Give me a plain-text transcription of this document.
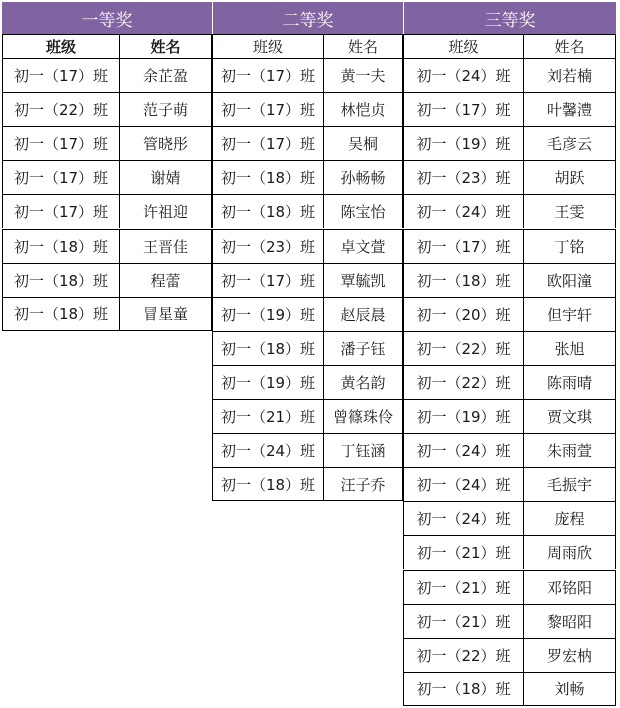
一等奖
班级	姓名
初一（17）班	余芷盈
初一（22）班	范子萌
初一（17）班	管晓彤
初一（17）班	谢婧
初一（17）班	许祖迎
初一（18）班	王晋佳
初一（18）班	程蕾
初一（18）班	冒星童
二等奖
班级	姓名
初一（17）班	黄一夫
初一（17）班	林恺贞
初一（17）班	吴桐
初一（18）班	孙畅畅
初一（18）班	陈宝怡
初一（23）班	卓文萱
初一（17）班	覃毓凯
初一（19）班	赵辰晨
初一（18）班	潘子钰
初一（19）班	黄名韵
初一（21）班	曾篠珠伶
初一（24）班	丁钰涵
初一（18）班	汪子乔
三等奖
班级	姓名
初一（24）班	刘若楠
初一（17）班	叶馨澧
初一（19）班	毛彦云
初一（23）班	胡跃
初一（24）班	王雯
初一（17）班	丁铭
初一（18）班	欧阳潼
初一（20）班	但宇轩
初一（22）班	张旭
初一（22）班	陈雨晴
初一（19）班	贾文琪
初一（24）班	朱雨萱
初一（24）班	毛振宇
初一（24）班	庞程
初一（21）班	周雨欣
初一（21）班	邓铭阳
初一（21）班	黎昭阳
初一（22）班	罗宏枘
初一（18）班	刘畅
